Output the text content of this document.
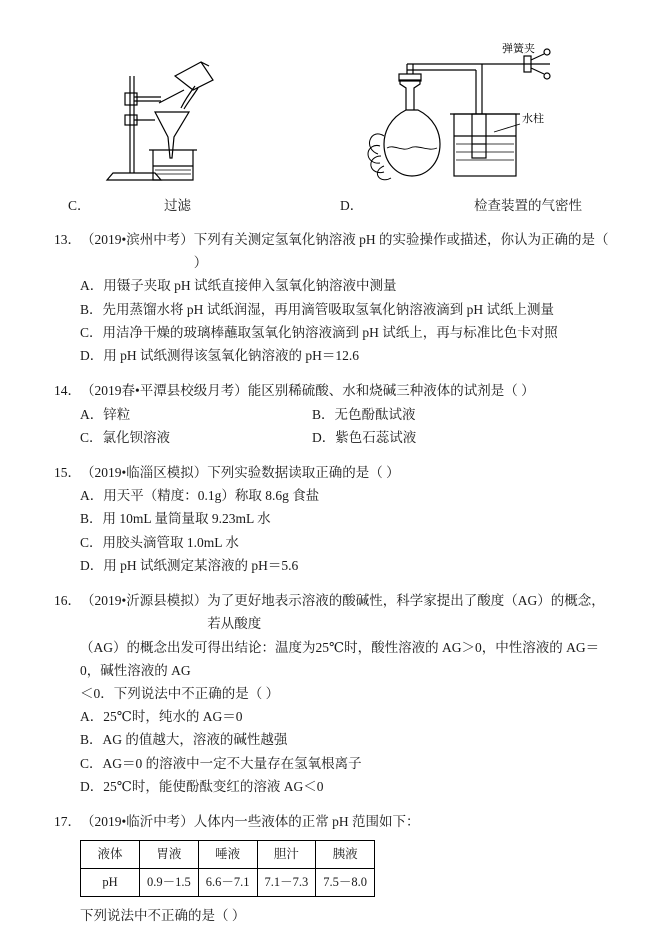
弹簧夹
水柱
C．	过滤	D．	检查装置的气密性
13． （2019•滨州中考） 下列有关测定氢氧化钠溶液 pH 的实验操作或描述，你认为正确的是（ ）
A．用镊子夹取 pH 试纸直接伸入氢氧化钠溶液中测量
B．先用蒸馏水将 pH 试纸润湿，再用滴管吸取氢氧化钠溶液滴到 pH 试纸上测量
C．用洁净干燥的玻璃棒蘸取氢氧化钠溶液滴到 pH 试纸上，再与标准比色卡对照
D．用 pH 试纸测得该氢氧化钠溶液的 pH＝12.6
14． （2019春•平潭县校级月考） 能区别稀硫酸、水和烧碱三种液体的试剂是（ ）
A．锌粒	B．无色酚酞试液
C．氯化钡溶液	D．紫色石蕊试液
15． （2019•临淄区模拟） 下列实验数据读取正确的是（ ）
A．用天平（精度：0.1g）称取 8.6g 食盐
B．用 10mL 量筒量取 9.23mL 水
C．用胶头滴管取 1.0mL 水
D．用 pH 试纸测定某溶液的 pH＝5.6
16． （2019•沂源县模拟） 为了更好地表示溶液的酸碱性，科学家提出了酸度（AG）的概念，若从酸度
（AG）的概念出发可得出结论：温度为25℃时，酸性溶液的 AG＞0，中性溶液的 AG＝0，碱性溶液的 AG
＜0．下列说法中不正确的是（ ）
A．25℃时，纯水的 AG＝0
B．AG 的值越大，溶液的碱性越强
C．AG＝0 的溶液中一定不大量存在氢氧根离子
D．25℃时，能使酚酞变红的溶液 AG＜0
17． （2019•临沂中考） 人体内一些液体的正常 pH 范围如下：
液体	胃液	唾液	胆汁	胰液
pH	0.9－1.5	6.6－7.1	7.1－7.3	7.5－8.0
下列说法中不正确的是（ ）
